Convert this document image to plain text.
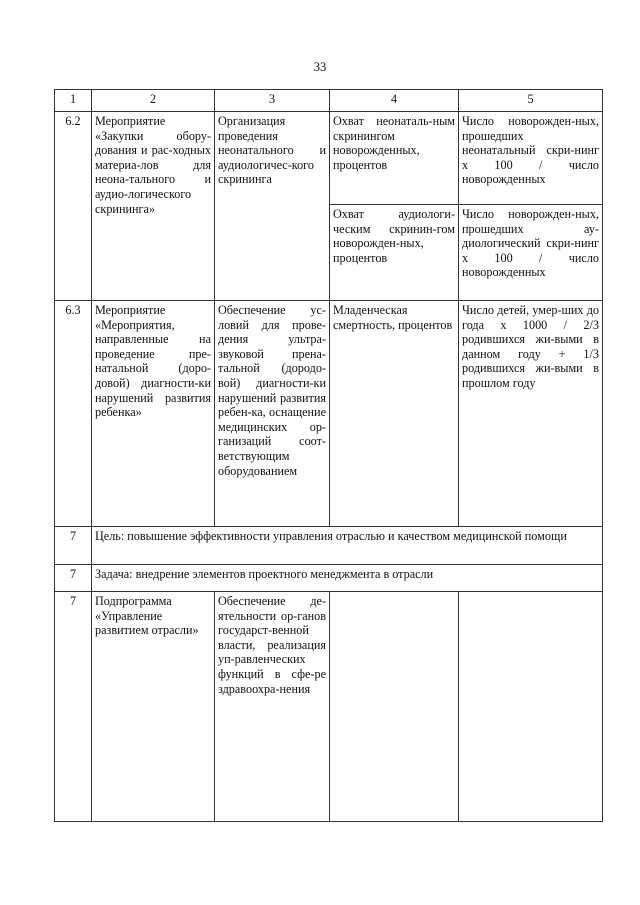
33
1	2	3	4	5
6.2	Мероприятие «Закупки обору-дования и рас-ходных материа-лов для неона-тального и аудио-логического скрининга»	Организация проведения неонатального и аудиологичес-кого скрининга	Охват неонаталь-ным скринингом новорожденных, процентов	Число новорожден-ных, прошедших неонатальный скри-нинг х 100 / число новорожденных
			Охват аудиологи-ческим скринин-гом новорожден-ных, процентов	Число новорожден-ных, прошедших ау-диологический скри-нинг х 100 / число новорожденных
6.3	Мероприятие «Мероприятия, направленные на проведение пре-натальной (доро-довой) диагности-ки нарушений развития ребенка»	Обеспечение ус-ловий для прове-дения ультра-звуковой прена-тальной (дородо-вой) диагности-ки нарушений развития ребен-ка, оснащение медицинских ор-ганизаций соот-ветствующим оборудованием	Младенческая смертность, процентов	Число детей, умер-ших до года х 1000 / 2/3 родившихся жи-выми в данном году + 1/3 родившихся жи-выми в прошлом году
7	Цель: повышение эффективности управления отраслью и качеством медицинской помощи			
7	Задача: внедрение элементов проектного менеджмента в отрасли			
7	Подпрограмма «Управление развитием отрасли»	Обеспечение де-ятельности ор-ганов государст-венной власти, реализация уп-равленческих функций в сфе-ре здравоохра-нения		
